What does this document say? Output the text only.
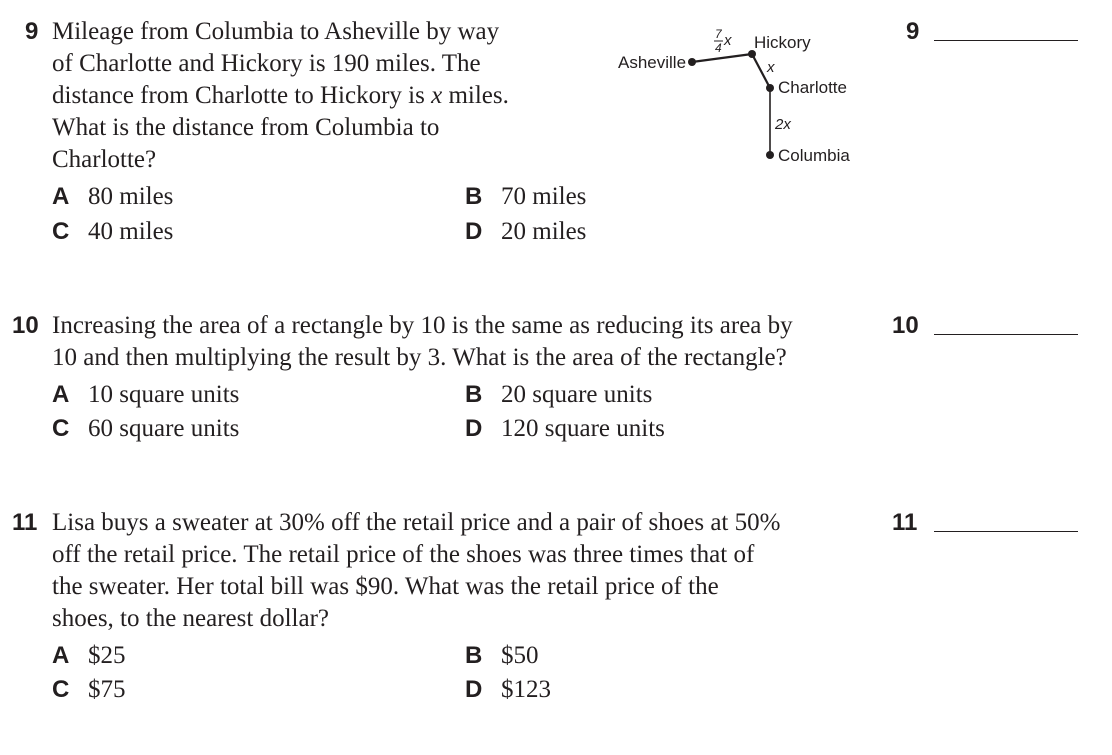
9 Mileage from Columbia to Asheville by way
of Charlotte and Hickory is 190 miles. The
distance from Charlotte to Hickory is x miles.
What is the distance from Columbia to
Charlotte?
A 80 miles	B 70 miles
C 40 miles	D 20 miles
Asheville
Hickory
Charlotte
Columbia
7
4 x
x
2x
9
10 Increasing the area of a rectangle by 10 is the same as reducing its area by
10 and then multiplying the result by 3. What is the area of the rectangle?
A 10 square units	B 20 square units
C 60 square units	D 120 square units
10
11 Lisa buys a sweater at 30% off the retail price and a pair of shoes at 50%
off the retail price. The retail price of the shoes was three times that of
the sweater. Her total bill was $90. What was the retail price of the
shoes, to the nearest dollar?
A $25	B $50
C $75	D $123
11
